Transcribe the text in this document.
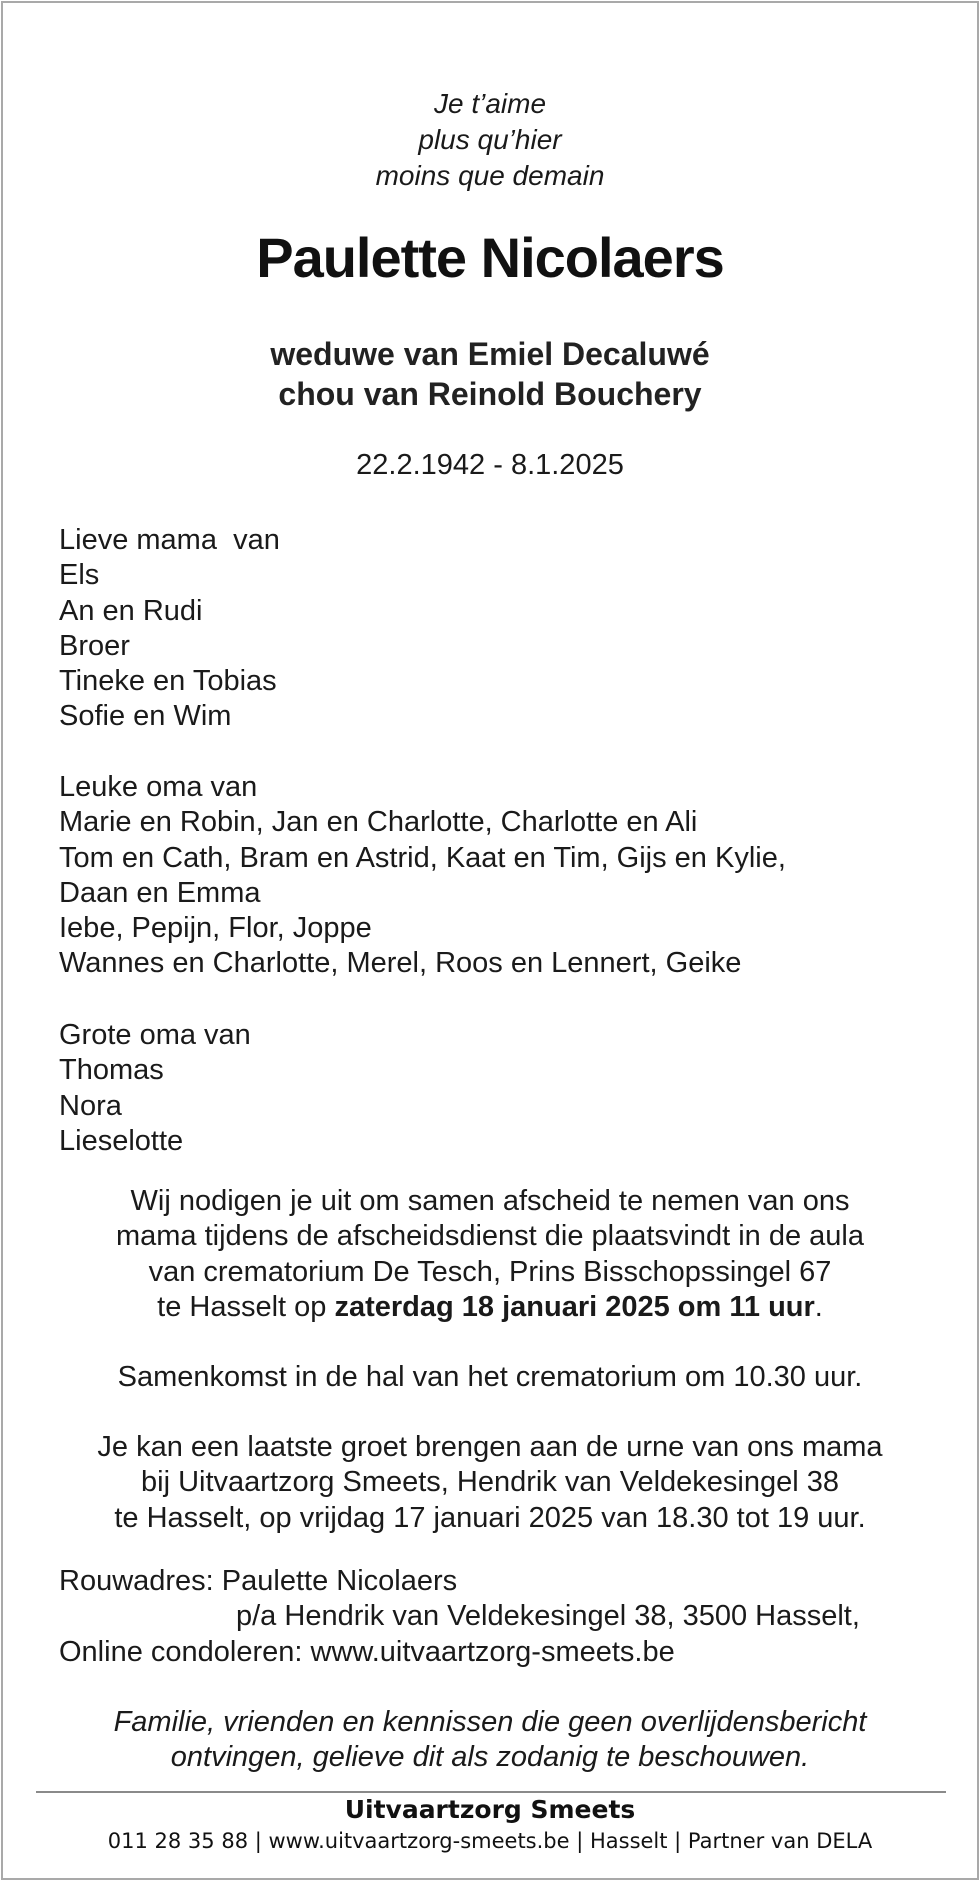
Je t’aime
plus qu’hier
moins que demain
Paulette Nicolaers
weduwe van Emiel Decaluwé
chou van Reinold Bouchery
22.2.1942 - 8.1.2025
Lieve mama  van
Els
An en Rudi
Broer
Tineke en Tobias
Sofie en Wim
Leuke oma van
Marie en Robin, Jan en Charlotte, Charlotte en Ali
Tom en Cath, Bram en Astrid, Kaat en Tim, Gijs en Kylie,
Daan en Emma
Iebe, Pepijn, Flor, Joppe
Wannes en Charlotte, Merel, Roos en Lennert, Geike
Grote oma van
Thomas
Nora
Lieselotte
Wij nodigen je uit om samen afscheid te nemen van ons
mama tijdens de afscheidsdienst die plaatsvindt in de aula
van crematorium De Tesch, Prins Bisschopssingel 67
te Hasselt op zaterdag 18 januari 2025 om 11 uur.
Samenkomst in de hal van het crematorium om 10.30 uur.
Je kan een laatste groet brengen aan de urne van ons mama
bij Uitvaartzorg Smeets, Hendrik van Veldekesingel 38
te Hasselt, op vrijdag 17 januari 2025 van 18.30 tot 19 uur.
Rouwadres: Paulette Nicolaers
p/a Hendrik van Veldekesingel 38, 3500 Hasselt,
Online condoleren: www.uitvaartzorg-smeets.be
Familie, vrienden en kennissen die geen overlijdensbericht
ontvingen, gelieve dit als zodanig te beschouwen.
Uitvaartzorg Smeets
011 28 35 88 | www.uitvaartzorg-smeets.be | Hasselt | Partner van DELA
